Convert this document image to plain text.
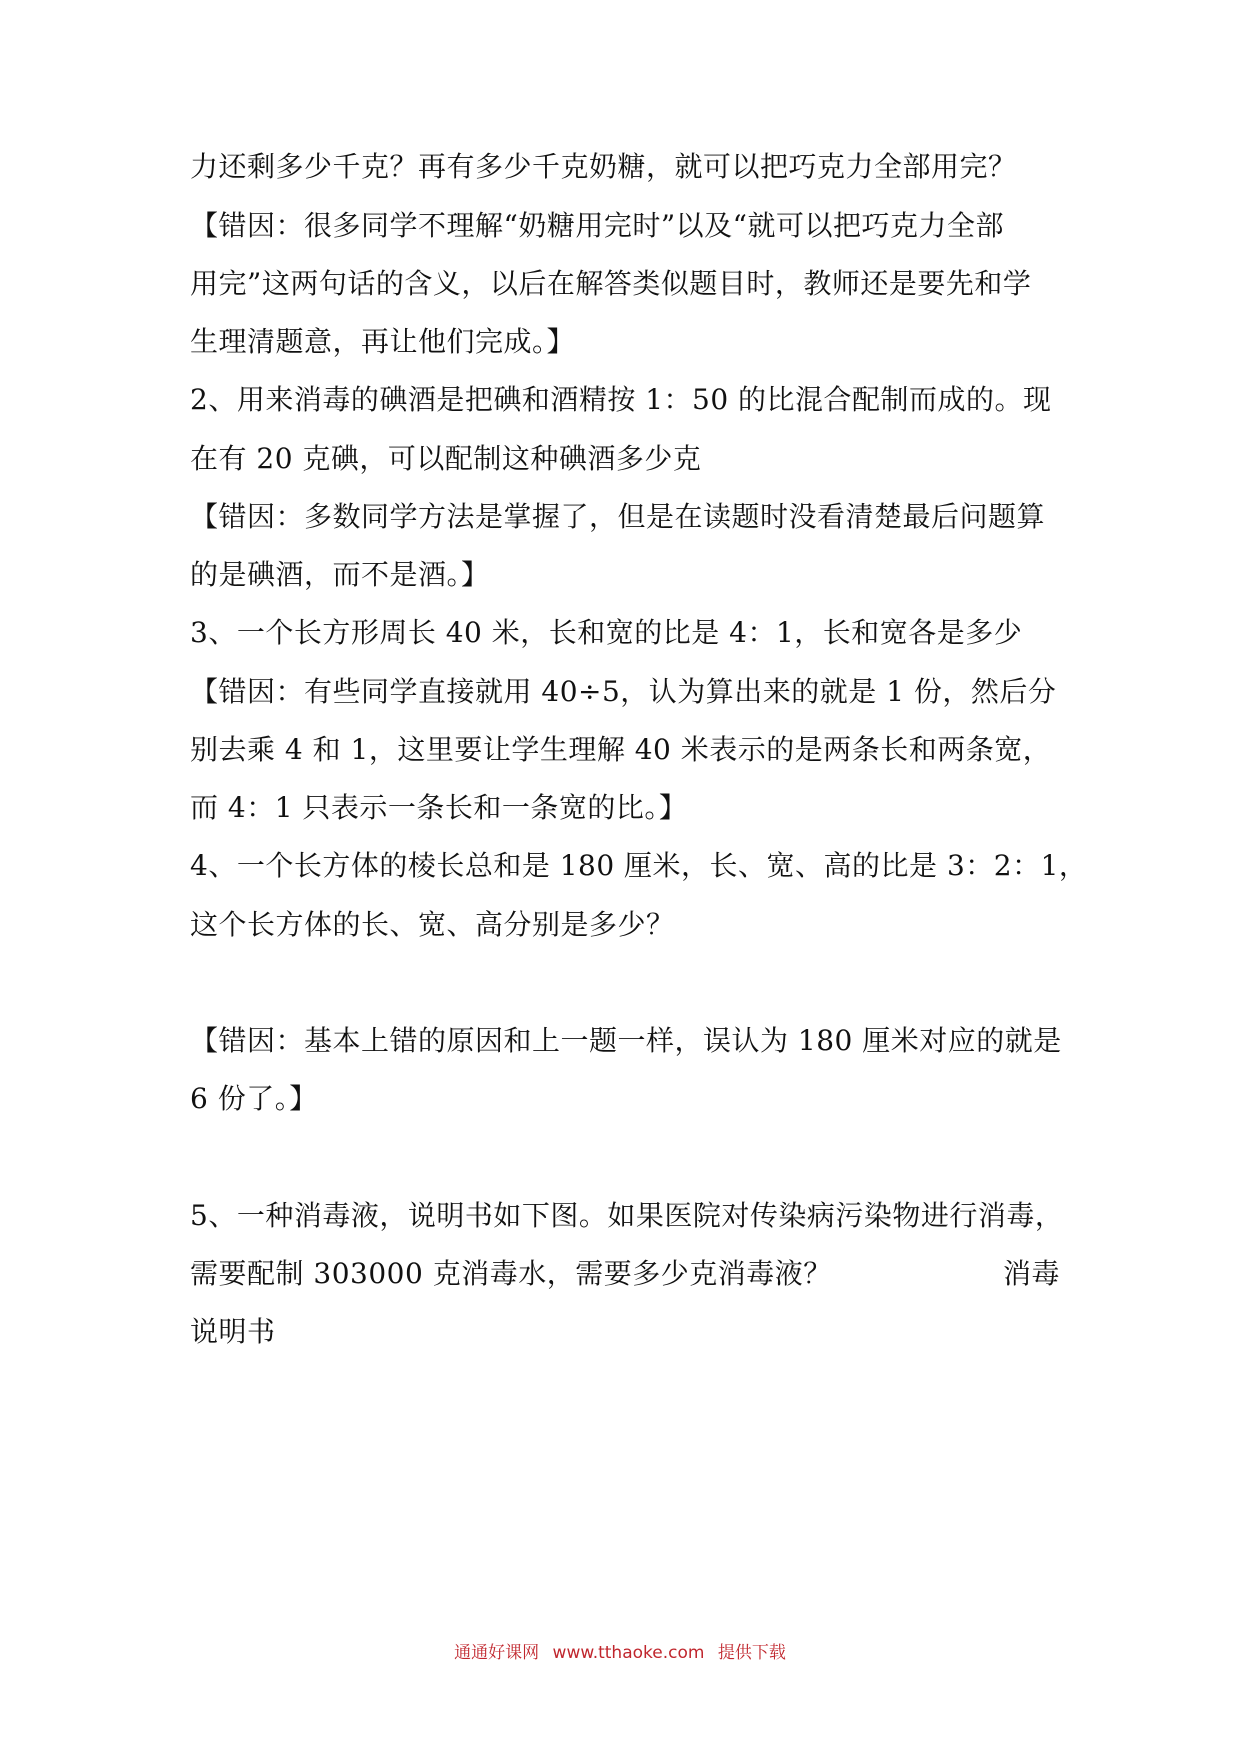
力还剩多少千克？再有多少千克奶糖，就可以把巧克力全部用完？
【错因：很多同学不理解“奶糖用完时”以及“就可以把巧克力全部
用完”这两句话的含义，以后在解答类似题目时，教师还是要先和学
生理清题意，再让他们完成。】
2、用来消毒的碘酒是把碘和酒精按 1：50 的比混合配制而成的。现
在有 20 克碘，可以配制这种碘酒多少克
【错因：多数同学方法是掌握了，但是在读题时没看清楚最后问题算
的是碘酒，而不是酒。】
3、一个长方形周长 40 米，长和宽的比是 4：1，长和宽各是多少
【错因：有些同学直接就用 40÷5，认为算出来的就是 1 份，然后分
别去乘 4 和 1，这里要让学生理解 40 米表示的是两条长和两条宽，
而 4：1 只表示一条长和一条宽的比。】
4、一个长方体的棱长总和是 180 厘米，长、宽、高的比是 3：2：1，
这个长方体的长、宽、高分别是多少？
【错因：基本上错的原因和上一题一样，误认为 180 厘米对应的就是
6 份了。】
5、一种消毒液，说明书如下图。如果医院对传染病污染物进行消毒，
需要配制 303000 克消毒水，需要多少克消毒液？	消毒
说明书
通通好课网 www.tthaoke.com 提供下载
